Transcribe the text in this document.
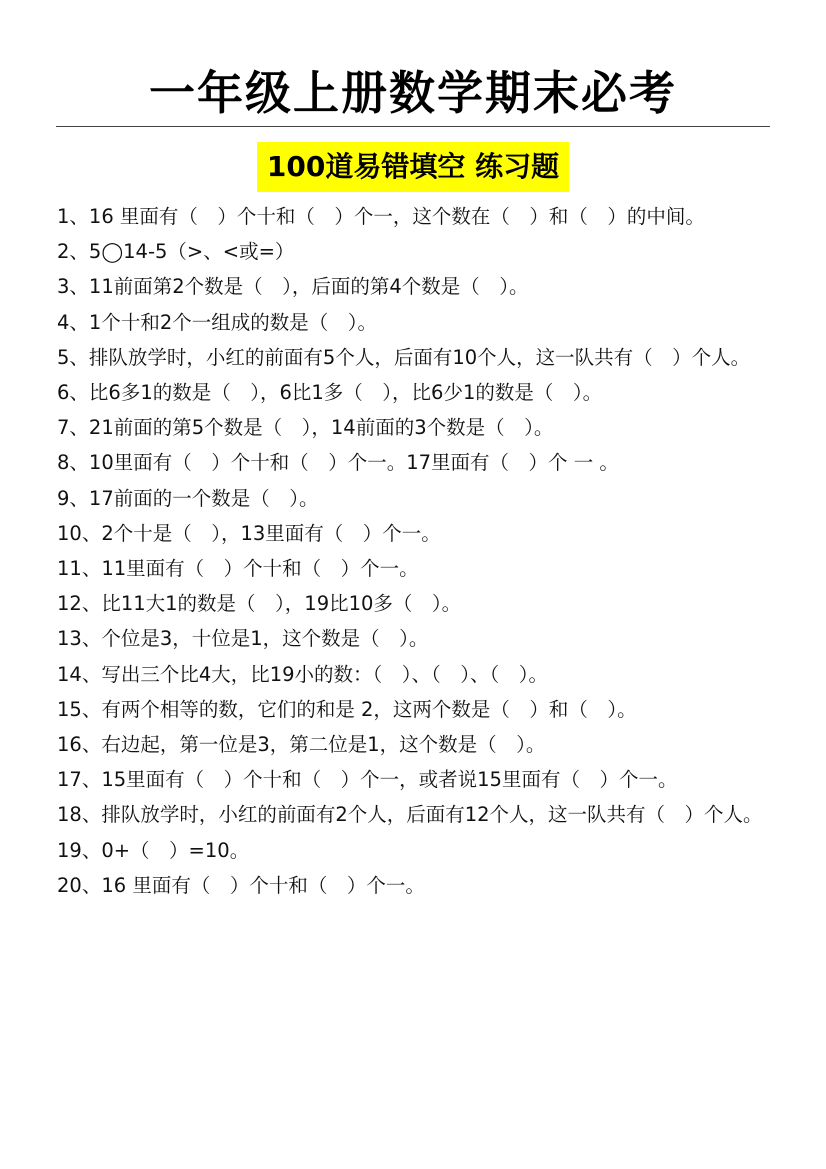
一年级上册数学期末必考
100道易错填空 练习题

1、16 里面有（　）个十和（　）个一，这个数在（　）和（　）的中间。

2、5◯14-5（>、<或=）

3、11前面第2个数是（　），后面的第4个数是（　）。

4、1个十和2个一组成的数是（　）。

5、排队放学时，小红的前面有5个人，后面有10个人，这一队共有（　）个人。

6、比6多1的数是（　），6比1多（　），比6少1的数是（　）。

7、21前面的第5个数是（　），14前面的3个数是（　）。

8、10里面有（　）个十和（　）个一。17里面有（　）个 一 。

9、17前面的一个数是（　）。

10、2个十是（　），13里面有（　）个一。

11、11里面有（　）个十和（　）个一。

12、比11大1的数是（　），19比10多（　）。

13、个位是3，十位是1，这个数是（　）。

14、写出三个比4大，比19小的数：（　）、（　）、（　）。

15、有两个相等的数，它们的和是 2，这两个数是（　）和（　）。

16、右边起，第一位是3，第二位是1，这个数是（　）。

17、15里面有（　）个十和（　）个一，或者说15里面有（　）个一。

18、排队放学时，小红的前面有2个人，后面有12个人，这一队共有（　）个人。

19、0+（　）=10。

20、16 里面有（　）个十和（　）个一。
